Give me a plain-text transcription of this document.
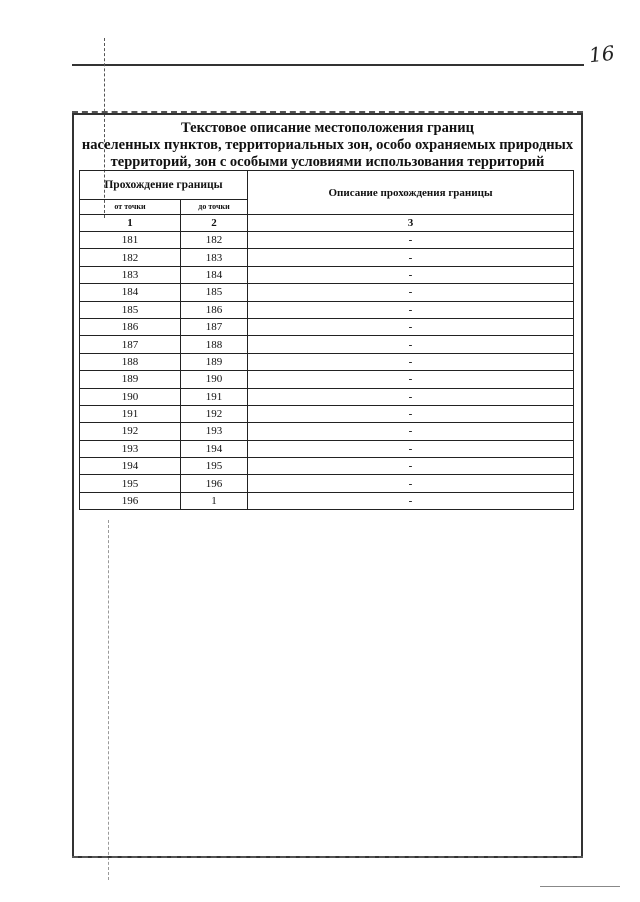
16
Текстовое описание местоположения границ
населенных пунктов, территориальных зон, особо охраняемых природных
территорий, зон с особыми условиями использования территорий
Прохождение границы		Описание прохождения границы
от точки	до точки	
1	2	3
181	182	-
182	183	-
183	184	-
184	185	-
185	186	-
186	187	-
187	188	-
188	189	-
189	190	-
190	191	-
191	192	-
192	193	-
193	194	-
194	195	-
195	196	-
196	1	-
